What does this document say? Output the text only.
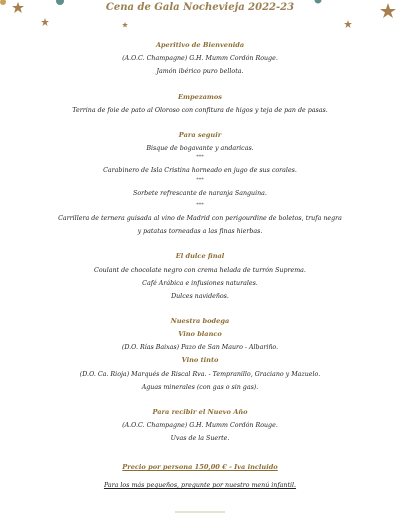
Cena de Gala Nochevieja 2022-23
Aperitivo de Bienvenida
(A.O.C. Champagne) G.H. Mumm Cordón Rouge.
Jamón ibérico puro bellota.
Empezamos
Terrina de foie de pato al Oloroso con confitura de higos y teja de pan de pasas.
Para seguir
Bisque de bogavante y andaricas.
***
Carabinero de Isla Cristina horneado en jugo de sus corales.
***
Sorbete refrescante de naranja Sanguina.
***
Carrillera de ternera guisada al vino de Madrid con perigourdine de boletos, trufa negra
y patatas torneadas a las finas hierbas.
El dulce final
Coulant de chocolate negro con crema helada de turrón Suprema.
Café Arábica e infusiones naturales.
Dulces navideños.
Nuestra bodega
Vino blanco
(D.O. Rías Baixas) Pazo de San Mauro - Albariño.
Vino tinto
(D.O. Ca. Rioja) Marqués de Riscal Rva. - Tempranillo, Graciano y Mazuelo.
Aguas minerales (con gas o sin gas).
Para recibir el Nuevo Año
(A.O.C. Champagne) G.H. Mumm Cordón Rouge.
Uvas de la Suerte.
Precio por persona 150,00 € - Iva incluido
Para los más pequeños, pregunte por nuestro menú infantil.
